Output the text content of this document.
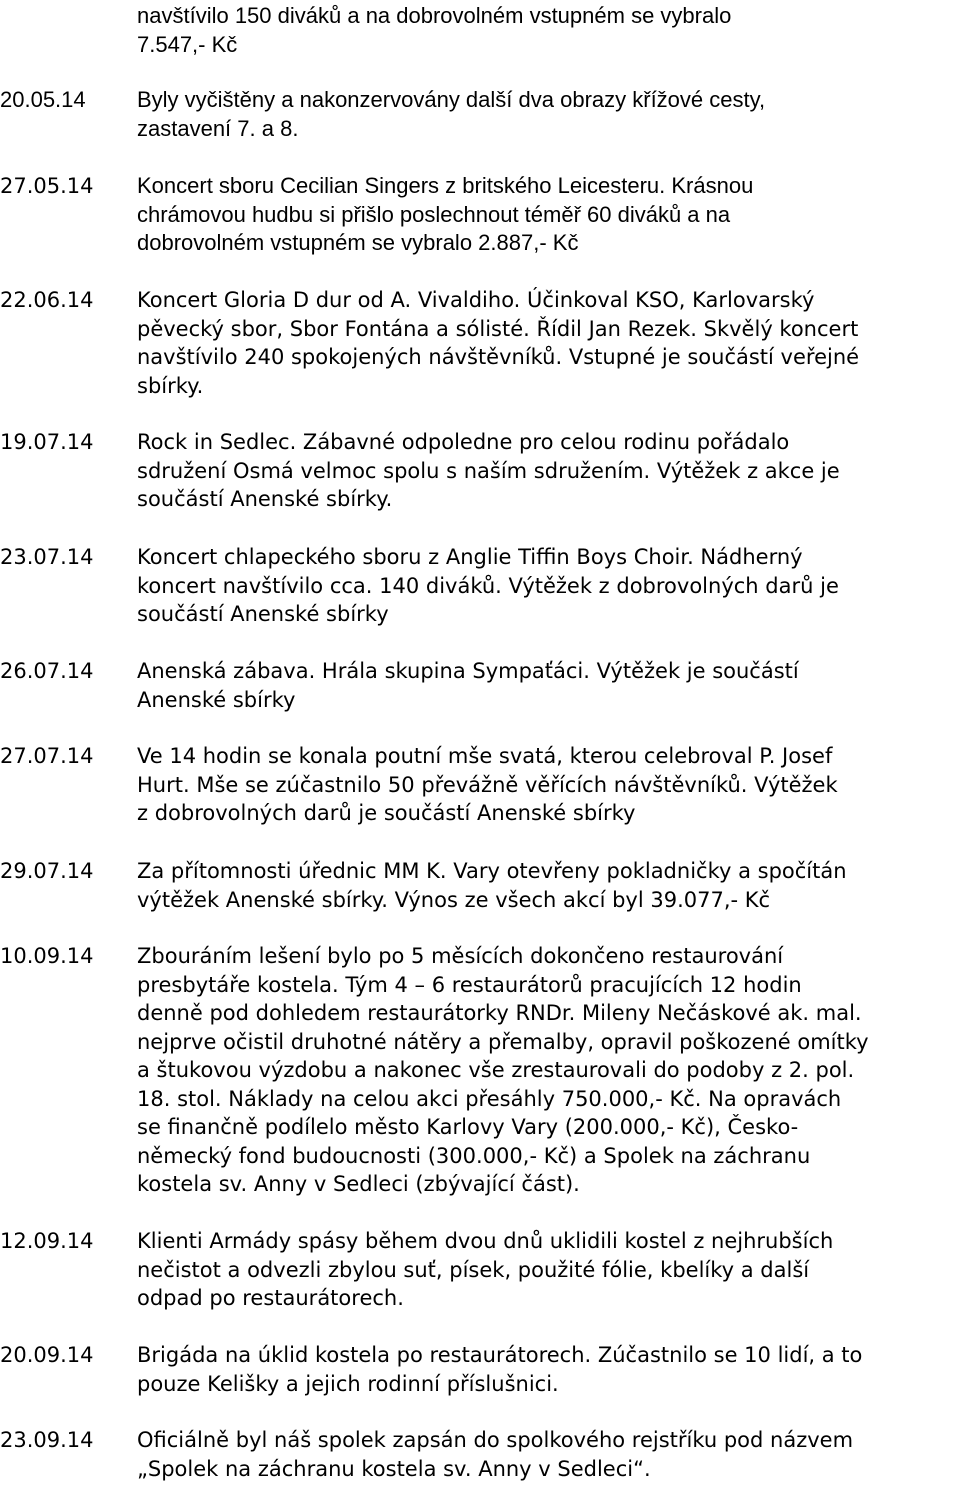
navštívilo 150 diváků a na dobrovolném vstupném se vybralo
7.547,- Kč
20.05.14	Byly vyčištěny a nakonzervovány další dva obrazy křížové cesty,
zastavení 7. a 8.
27.05.14	Koncert sboru Cecilian Singers z britského Leicesteru. Krásnou
chrámovou hudbu si přišlo poslechnout téměř 60 diváků a na
dobrovolném vstupném se vybralo 2.887,- Kč
22.06.14	Koncert Gloria D dur od A. Vivaldiho. Účinkoval KSO, Karlovarský
pěvecký sbor, Sbor Fontána a sólisté. Řídil Jan Rezek. Skvělý koncert
navštívilo 240 spokojených návštěvníků. Vstupné je součástí veřejné
sbírky.
19.07.14	Rock in Sedlec. Zábavné odpoledne pro celou rodinu pořádalo
sdružení Osmá velmoc spolu s naším sdružením. Výtěžek z akce je
součástí Anenské sbírky.
23.07.14	Koncert chlapeckého sboru z Anglie Tiffin Boys Choir. Nádherný
koncert navštívilo cca. 140 diváků. Výtěžek z dobrovolných darů je
součástí Anenské sbírky
26.07.14	Anenská zábava. Hrála skupina Sympaťáci. Výtěžek je součástí
Anenské sbírky
27.07.14	Ve 14 hodin se konala poutní mše svatá, kterou celebroval P. Josef
Hurt. Mše se zúčastnilo 50 převážně věřících návštěvníků. Výtěžek
z dobrovolných darů je součástí Anenské sbírky
29.07.14	Za přítomnosti úřednic MM K. Vary otevřeny pokladničky a spočítán
výtěžek Anenské sbírky. Výnos ze všech akcí byl 39.077,- Kč
10.09.14	Zbouráním lešení bylo po 5 měsících dokončeno restaurování
presbytáře kostela. Tým 4 – 6 restaurátorů pracujících 12 hodin
denně pod dohledem restaurátorky RNDr. Mileny Nečáskové ak. mal.
nejprve očistil druhotné nátěry a přemalby, opravil poškozené omítky
a štukovou výzdobu a nakonec vše zrestaurovali do podoby z 2. pol.
18. stol. Náklady na celou akci přesáhly 750.000,- Kč. Na opravách
se finančně podílelo město Karlovy Vary (200.000,- Kč), Česko-
německý fond budoucnosti (300.000,- Kč) a Spolek na záchranu
kostela sv. Anny v Sedleci (zbývající část).
12.09.14	Klienti Armády spásy během dvou dnů uklidili kostel z nejhrubších
nečistot a odvezli zbylou suť, písek, použité fólie, kbelíky a další
odpad po restaurátorech.
20.09.14	Brigáda na úklid kostela po restaurátorech. Zúčastnilo se 10 lidí, a to
pouze Kelišky a jejich rodinní příslušnici.
23.09.14	Oficiálně byl náš spolek zapsán do spolkového rejstříku pod názvem
„Spolek na záchranu kostela sv. Anny v Sedleci“.
